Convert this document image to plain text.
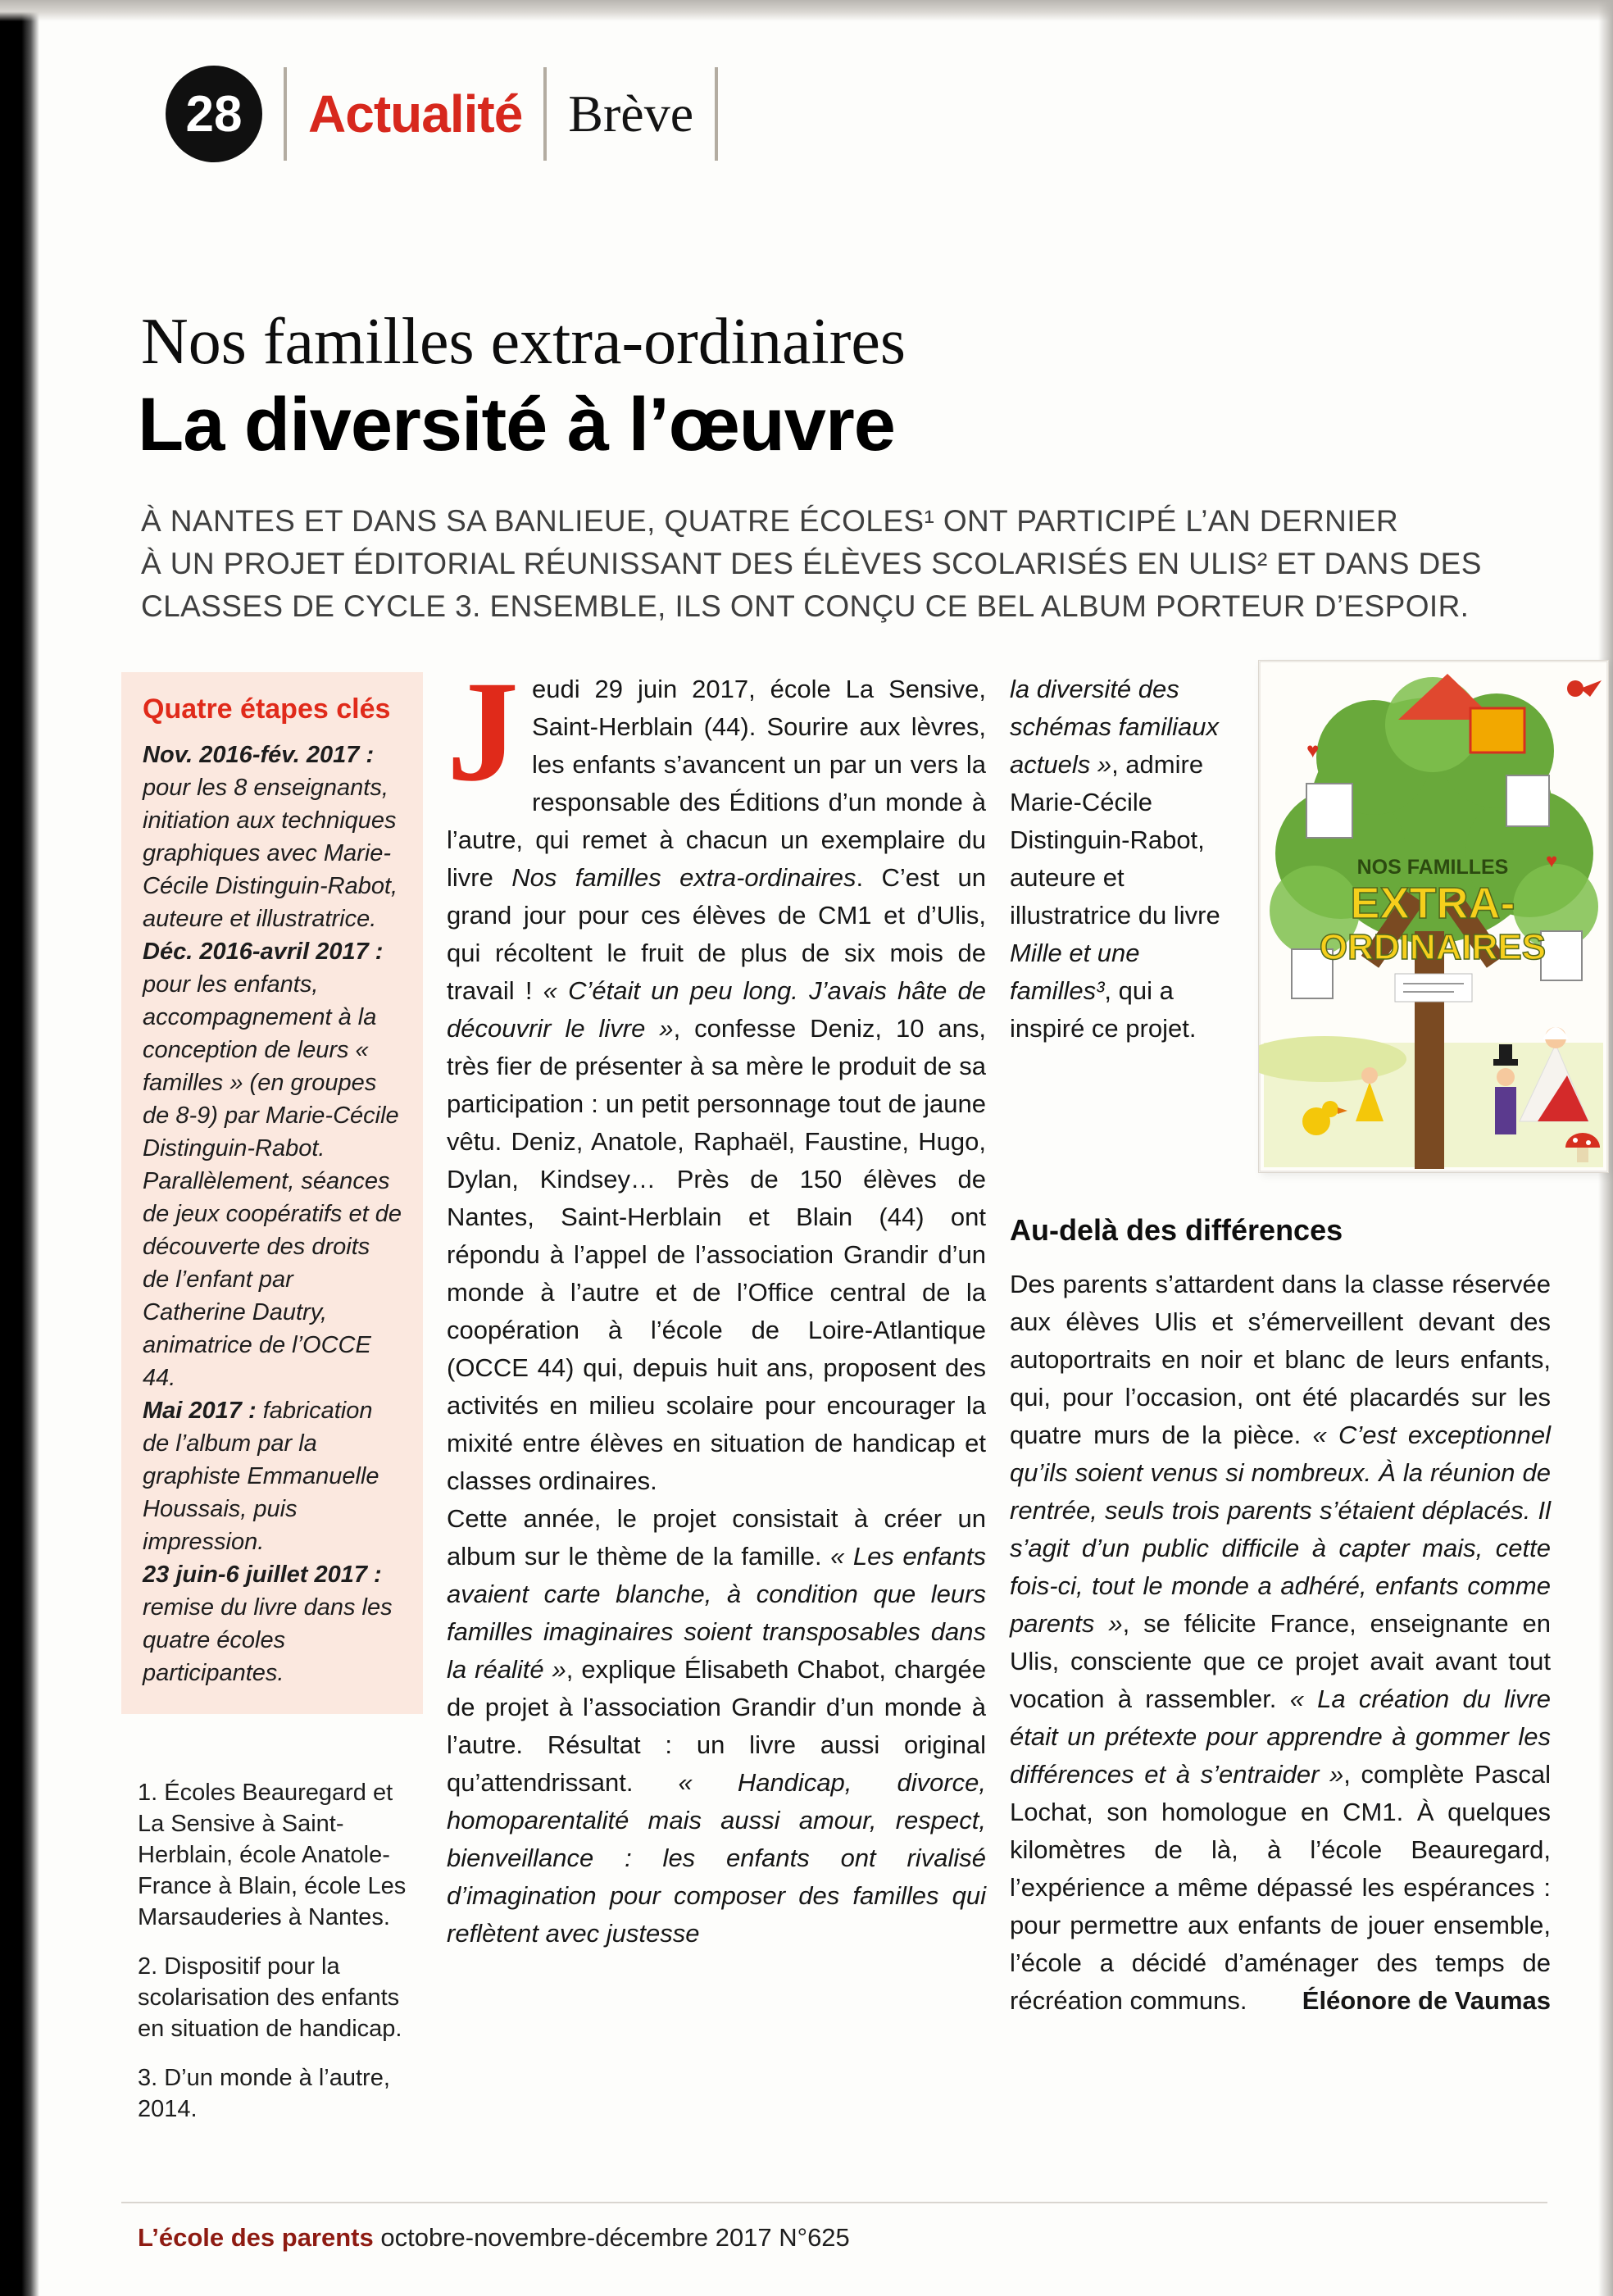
28	Actualité Brève
Nos familles extra-ordinaires
La diversité à l’œuvre
À NANTES ET DANS SA BANLIEUE, QUATRE ÉCOLES¹ ONT PARTICIPÉ L’AN DERNIER
À UN PROJET ÉDITORIAL RÉUNISSANT DES ÉLÈVES SCOLARISÉS EN ULIS² ET DANS DES
CLASSES DE CYCLE 3. ENSEMBLE, ILS ONT CONÇU CE BEL ALBUM PORTEUR D’ESPOIR.
Quatre étapes clés
Nov. 2016-fév. 2017 : pour les 8 enseignants, initiation aux techniques graphiques avec Marie-Cécile Distinguin-Rabot, auteure et illustratrice.
Déc. 2016-avril 2017 : pour les enfants, accompagnement à la conception de leurs « familles » (en groupes de 8-9) par Marie-Cécile Distinguin-Rabot. Parallèlement, séances de jeux coopératifs et de découverte des droits de l’enfant par Catherine Dautry, animatrice de l’OCCE 44.
Mai 2017 : fabrication de l’album par la graphiste Emmanuelle Houssais, puis impression.
23 juin-6 juillet 2017 : remise du livre dans les quatre écoles participantes.
1. Écoles Beauregard et La Sensive à Saint-Herblain, école Anatole-France à Blain, école Les Marsauderies à Nantes.
2. Dispositif pour la scolarisation des enfants en situation de handicap.
3. D’un monde à l’autre, 2014.

Jeudi 29 juin 2017, école La Sensive, Saint-Herblain (44). Sourire aux lèvres, les enfants s’avancent un par un vers la responsable des Éditions d’un monde à l’autre, qui remet à chacun un exemplaire du livre Nos familles extra-ordinaires. C’est un grand jour pour ces élèves de CM1 et d’Ulis, qui récoltent le fruit de plus de six mois de travail ! « C’était un peu long. J’avais hâte de découvrir le livre », confesse Deniz, 10 ans, très fier de présenter à sa mère le produit de sa participation : un petit personnage tout de jaune vêtu. Deniz, Anatole, Raphaël, Faustine, Hugo, Dylan, Kindsey… Près de 150 élèves de Nantes, Saint-Herblain et Blain (44) ont répondu à l’appel de l’association Grandir d’un monde à l’autre et de l’Office central de la coopération à l’école de Loire-Atlantique (OCCE 44) qui, depuis huit ans, proposent des activités en milieu scolaire pour encourager la mixité entre élèves en situation de handicap et classes ordinaires.

Cette année, le projet consistait à créer un album sur le thème de la famille. « Les enfants avaient carte blanche, à condition que leurs familles imaginaires soient transposables dans la réalité », explique Élisabeth Chabot, chargée de projet à l’association Grandir d’un monde à l’autre. Résultat : un livre aussi original qu’attendrissant. « Handicap, divorce, homoparentalité mais aussi amour, respect, bienveillance : les enfants ont rivalisé d’imagination pour composer des familles qui reflètent avec justesse

la diversité des schémas familiaux actuels », admire Marie-Cécile Distinguin-Rabot, auteure et illustratrice du livre Mille et une familles³, qui a inspiré ce projet.

NOS FAMILLES
EXTRA-
ORDINAIRES
♥
♥
Au-delà des différences

Des parents s’attardent dans la classe réservée aux élèves Ulis et s’émerveillent devant des autoportraits en noir et blanc de leurs enfants, qui, pour l’occasion, ont été placardés sur les quatre murs de la pièce. « C’est exceptionnel qu’ils soient venus si nombreux. À la réunion de rentrée, seuls trois parents s’étaient déplacés. Il s’agit d’un public difficile à capter mais, cette fois-ci, tout le monde a adhéré, enfants comme parents », se félicite France, enseignante en Ulis, consciente que ce projet avait avant tout vocation à rassembler. « La création du livre était un prétexte pour apprendre à gommer les différences et à s’entraider », complète Pascal Lochat, son homologue en CM1. À quelques kilomètres de là, à l’école Beauregard, l’expérience a même dépassé les espérances : pour permettre aux enfants de jouer ensemble, l’école a décidé d’aménager des temps de récréation communs.	Éléonore de Vaumas

L’école des parents octobre-novembre-décembre 2017 N°625
